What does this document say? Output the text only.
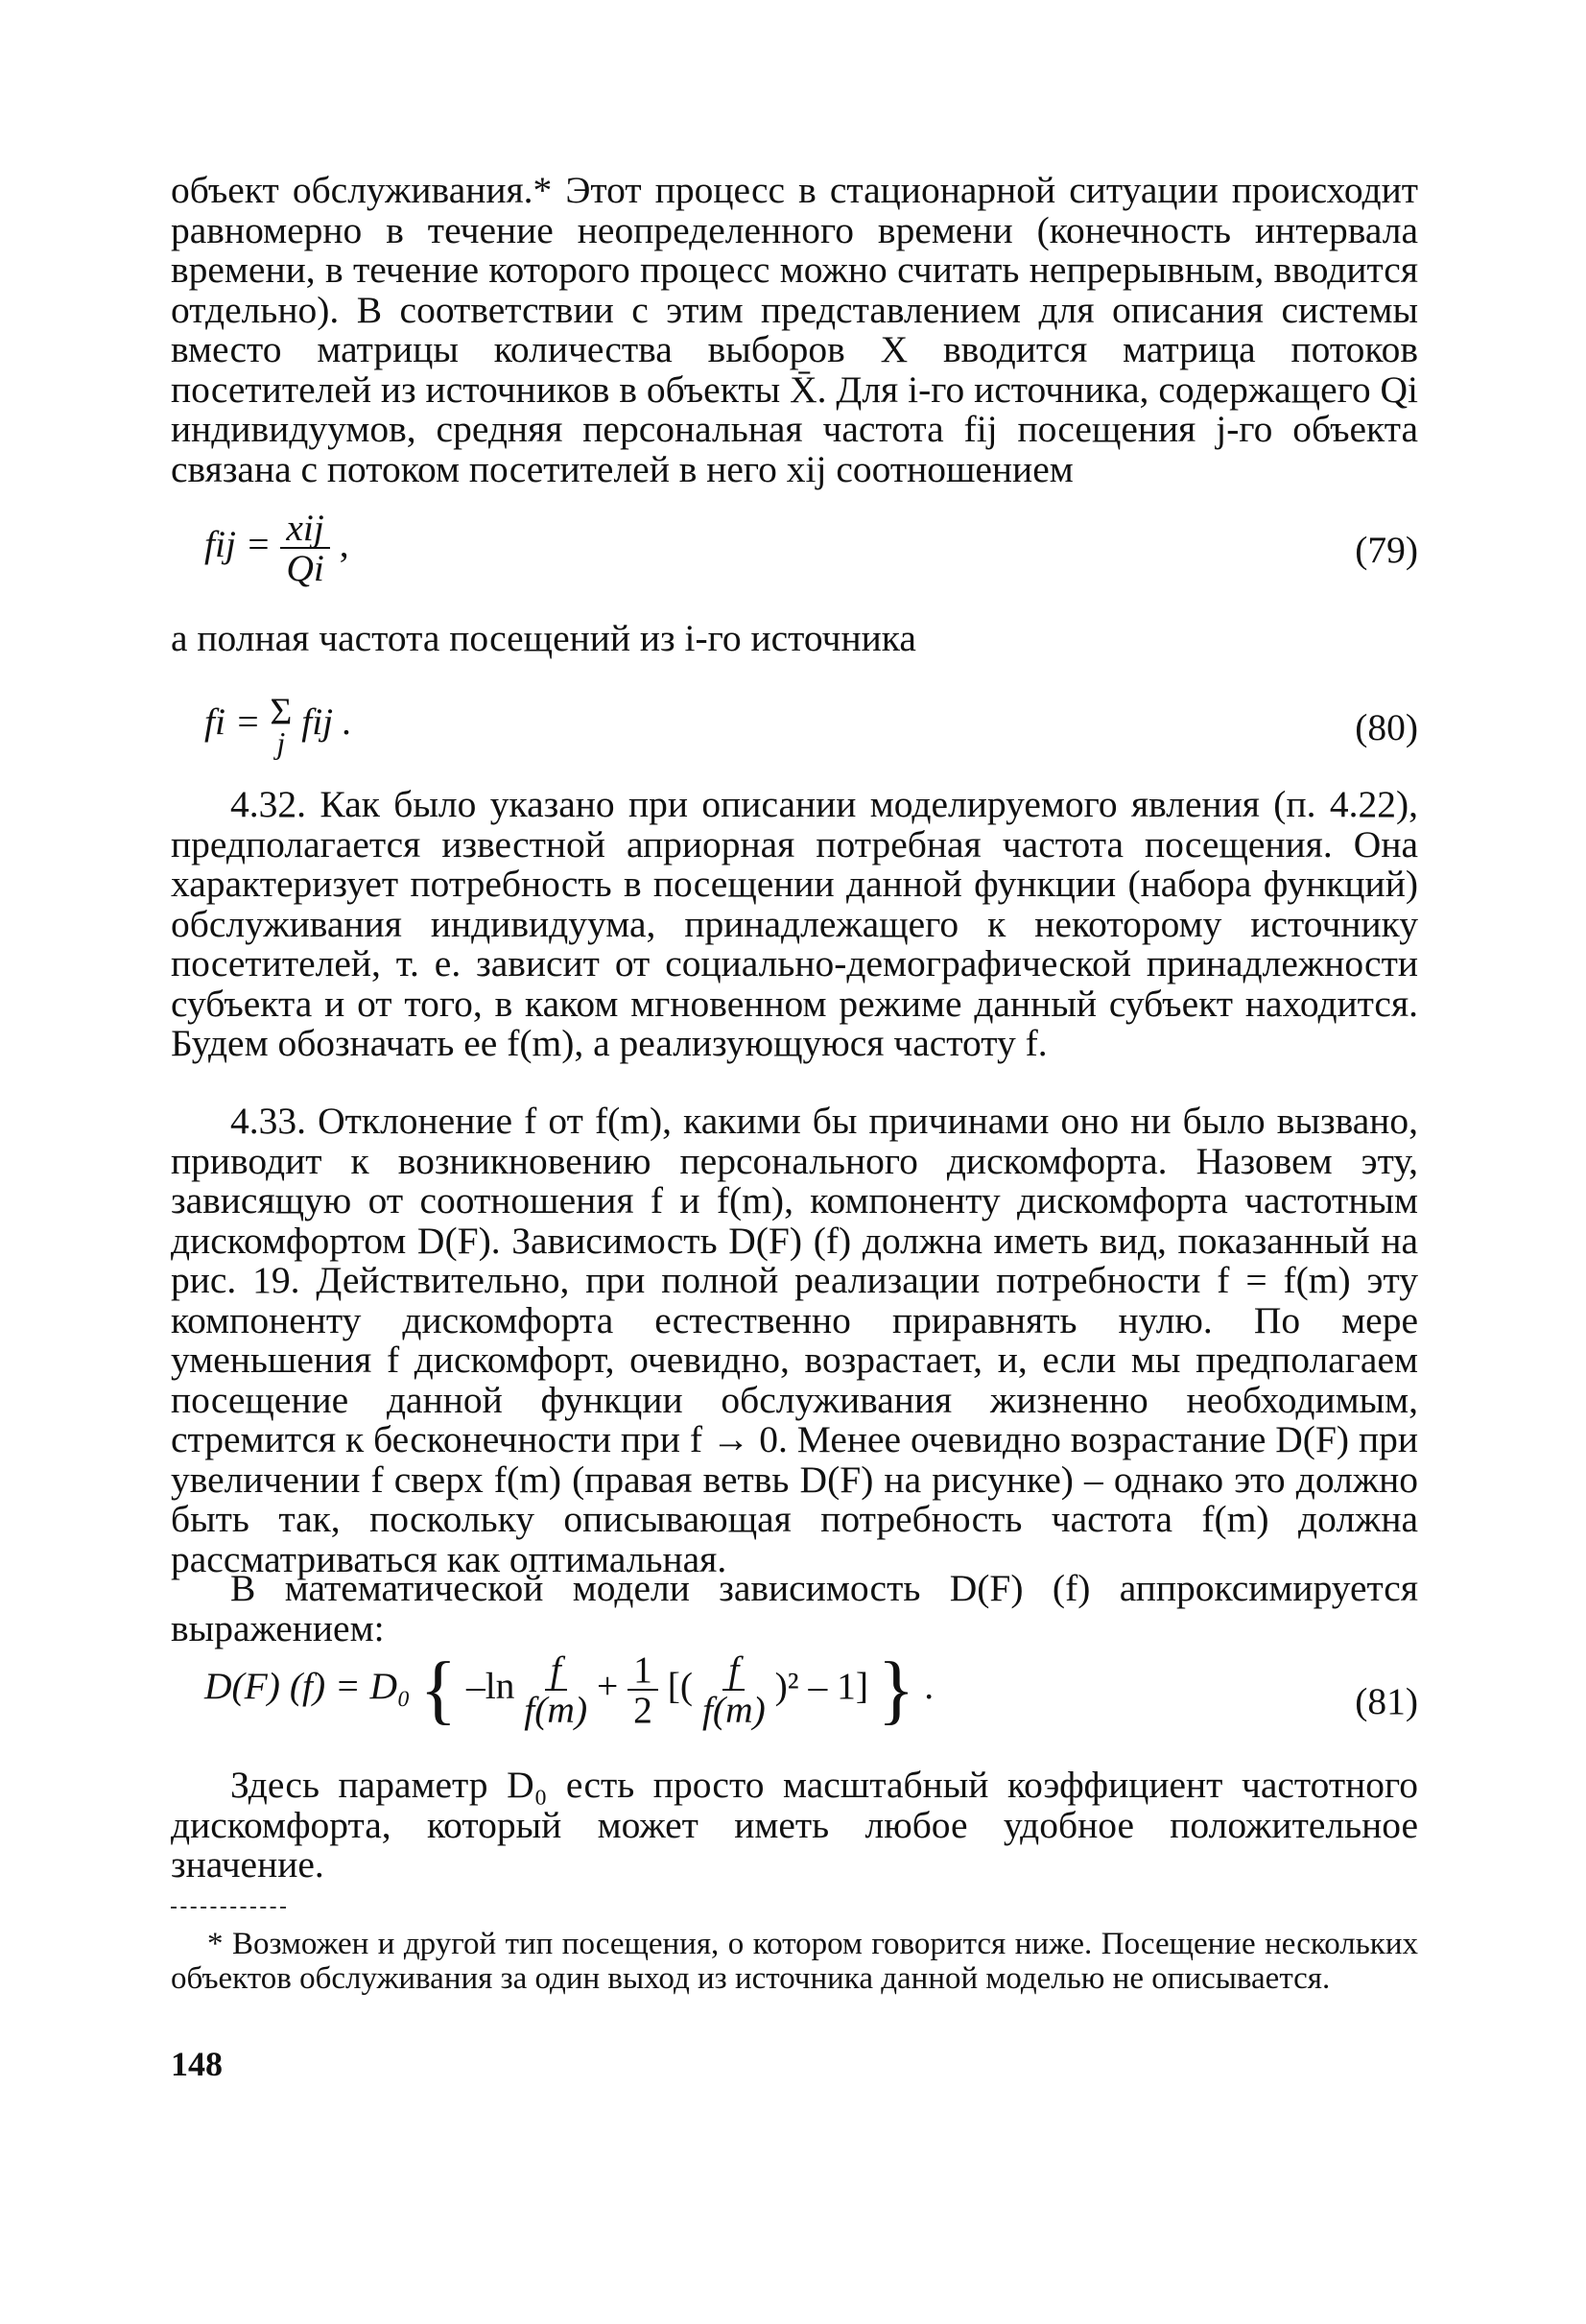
объект обслуживания.* Этот процесс в стационарной ситуации происходит равномерно в течение неопределенного времени (конечность интервала времени, в течение которого процесс можно считать непрерывным, вводится отдельно). В соответствии с этим представлением для описания системы вместо матрицы количества выборов X вводится матрица потоков посетителей из источников в объекты X̄. Для i-го источника, содержащего Qi индивидуумов, средняя персональная частота fij посещения j-го объекта связана с потоком посетителей в него xij соотношением

fij = $\frac{\text{xij}}{Qi}$ ,	(79)

а полная частота посещений из i-го источника

fi = Σ
j fij .	(80)

4.32. Как было указано при описании моделируемого явления (п. 4.22), предполагается известной априорная потребная частота посещения. Она характеризует потребность в посещении данной функции (набора функций) обслуживания индивидуума, принадлежащего к некоторому источнику посетителей, т. е. зависит от социально-демографической принадлежности субъекта и от того, в каком мгновенном режиме данный субъект находится. Будем обозначать ее f(m), а реализующуюся частоту f.

4.33. Отклонение f от f(m), какими бы причинами оно ни было вызвано, приводит к возникновению персонального дискомфорта. Назовем эту, зависящую от соотношения f и f(m), компоненту дискомфорта частотным дискомфортом D(F). Зависимость D(F) (f) должна иметь вид, показанный на рис. 19. Действительно, при полной реализации потребности f = f(m) эту компоненту дискомфорта естественно приравнять нулю. По мере уменьшения f дискомфорт, очевидно, возрастает, и, если мы предполагаем посещение данной функции обслуживания жизненно необходимым, стремится к бесконечности при f → 0. Менее очевидно возрастание D(F) при увеличении f сверх f(m) (правая ветвь D(F) на рисунке) – однако это должно быть так, поскольку описывающая потребность частота f(m) должна рассматриваться как оптимальная.

В математической модели зависимость D(F) (f) аппроксимируется выражением:

D(F) (f) = D₀ { $-\ln \frac{f}{f(m)} + \frac{1}{2}$ [( $\frac{f}{f(m)} )^2 - 1$] } .	(81)

Здесь параметр D₀ есть просто масштабный коэффициент частотного дискомфорта, который может иметь любое удобное положительное значение.

* Возможен и другой тип посещения, о котором говорится ниже. Посещение нескольких объектов обслуживания за один выход из источника данной моделью не описывается.

148
